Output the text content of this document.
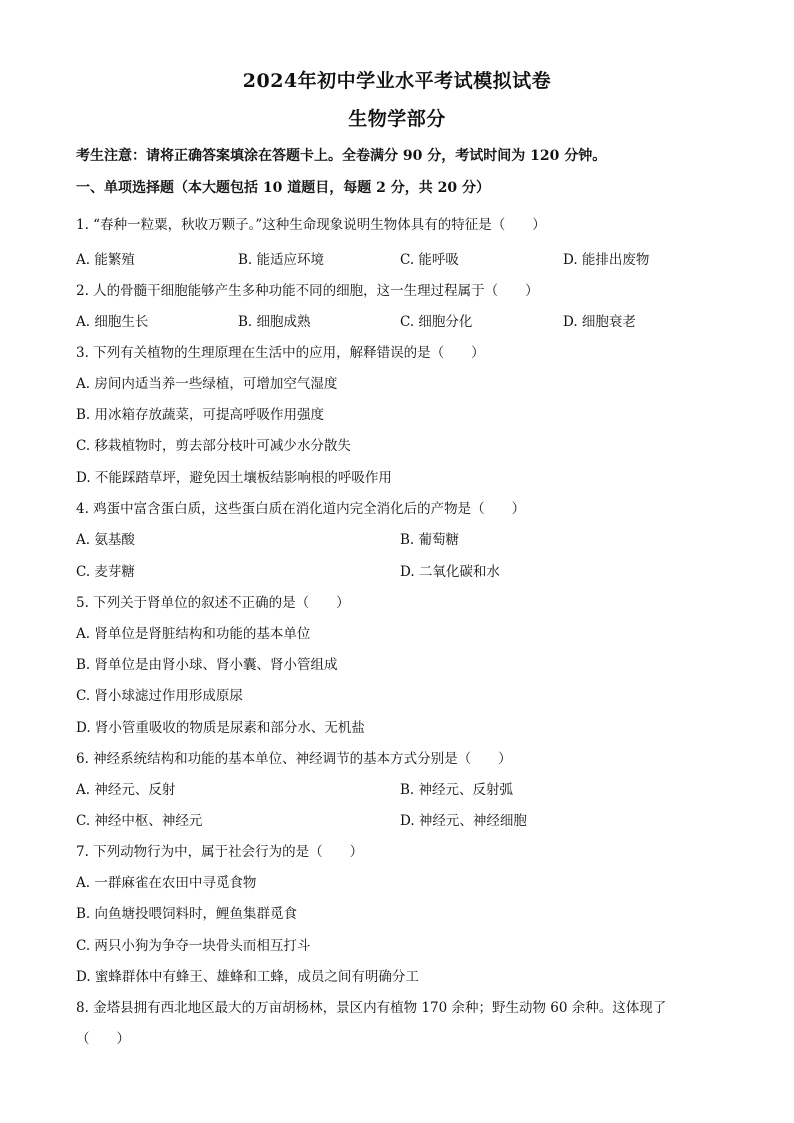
2024年初中学业水平考试模拟试卷
生物学部分
考生注意：请将正确答案填涂在答题卡上。全卷满分 90 分，考试时间为 120 分钟。
一、单项选择题（本大题包括 10 道题目，每题 2 分，共 20 分）
1. “春种一粒粟，秋收万颗子。”这种生命现象说明生物体具有的特征是（　　）
A. 能繁殖	B. 能适应环境	C. 能呼吸	D. 能排出废物
2. 人的骨髓干细胞能够产生多种功能不同的细胞，这一生理过程属于（　　）
A. 细胞生长	B. 细胞成熟	C. 细胞分化	D. 细胞衰老
3. 下列有关植物的生理原理在生活中的应用，解释错误的是（　　）
A. 房间内适当养一些绿植，可增加空气湿度
B. 用冰箱存放蔬菜，可提高呼吸作用强度
C. 移栽植物时，剪去部分枝叶可减少水分散失
D. 不能踩踏草坪，避免因土壤板结影响根的呼吸作用
4. 鸡蛋中富含蛋白质，这些蛋白质在消化道内完全消化后的产物是（　　）
A. 氨基酸	B. 葡萄糖
C. 麦芽糖	D. 二氧化碳和水
5. 下列关于肾单位的叙述不正确的是（　　）
A. 肾单位是肾脏结构和功能的基本单位
B. 肾单位是由肾小球、肾小囊、肾小管组成
C. 肾小球滤过作用形成原尿
D. 肾小管重吸收的物质是尿素和部分水、无机盐
6. 神经系统结构和功能的基本单位、神经调节的基本方式分别是（　　）
A. 神经元、反射	B. 神经元、反射弧
C. 神经中枢、神经元	D. 神经元、神经细胞
7. 下列动物行为中，属于社会行为的是（　　）
A. 一群麻雀在农田中寻觅食物
B. 向鱼塘投喂饲料时，鲤鱼集群觅食
C. 两只小狗为争夺一块骨头而相互打斗
D. 蜜蜂群体中有蜂王、雄蜂和工蜂，成员之间有明确分工
8. 金塔县拥有西北地区最大的万亩胡杨林，景区内有植物 170 余种；野生动物 60 余种。这体现了
（　　）
